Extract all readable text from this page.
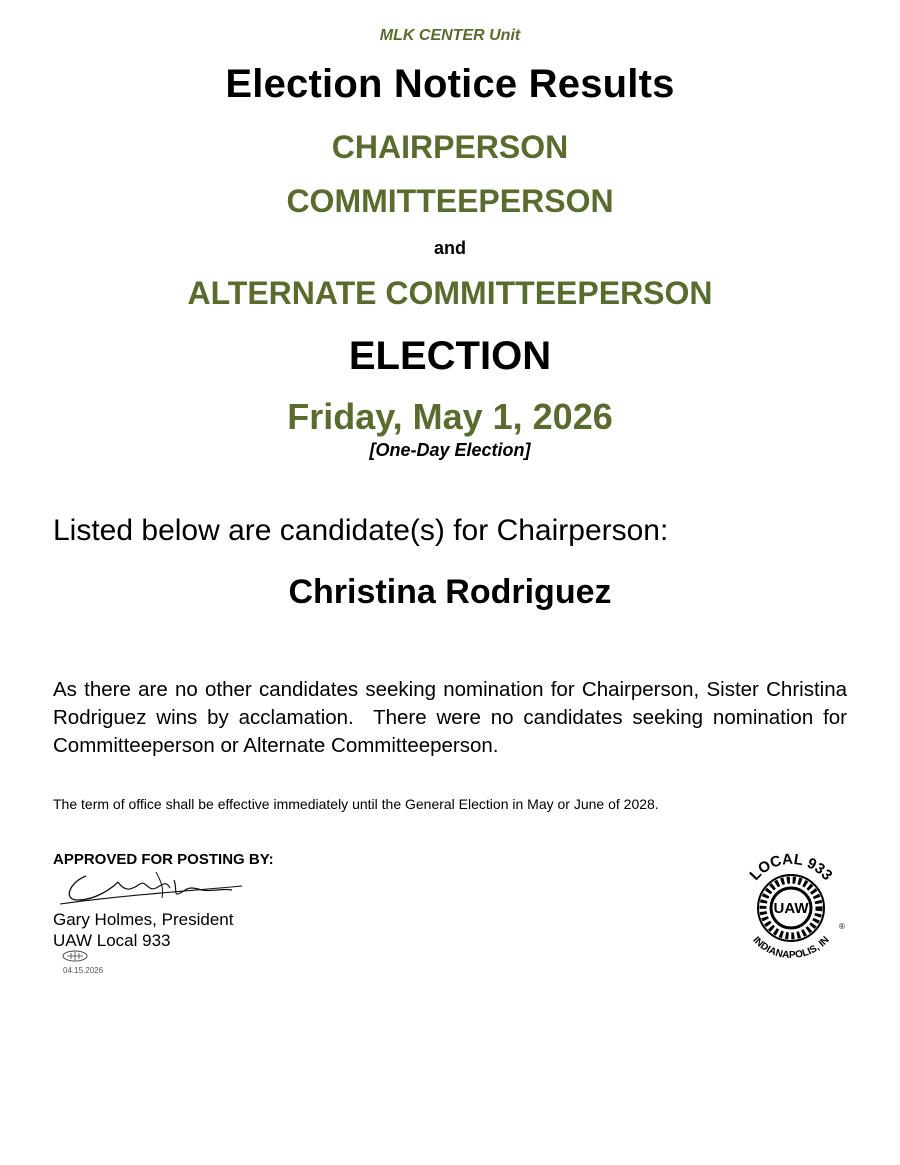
MLK CENTER Unit
Election Notice Results
CHAIRPERSON
COMMITTEEPERSON
and
ALTERNATE COMMITTEEPERSON
ELECTION
Friday, May 1, 2026
[One-Day Election]
Listed below are candidate(s) for Chairperson:
Christina Rodriguez
As there are no other candidates seeking nomination for Chairperson, Sister Christina Rodriguez wins by acclamation.  There were no candidates seeking nomination for Committeeperson or Alternate Committeeperson.
The term of office shall be effective immediately until the General Election in May or June of 2028.
APPROVED FOR POSTING BY:
Gary Holmes, President
UAW Local 933
04.15.2026
LOCAL 933
UAW
INDIANAPOLIS, IN
®
